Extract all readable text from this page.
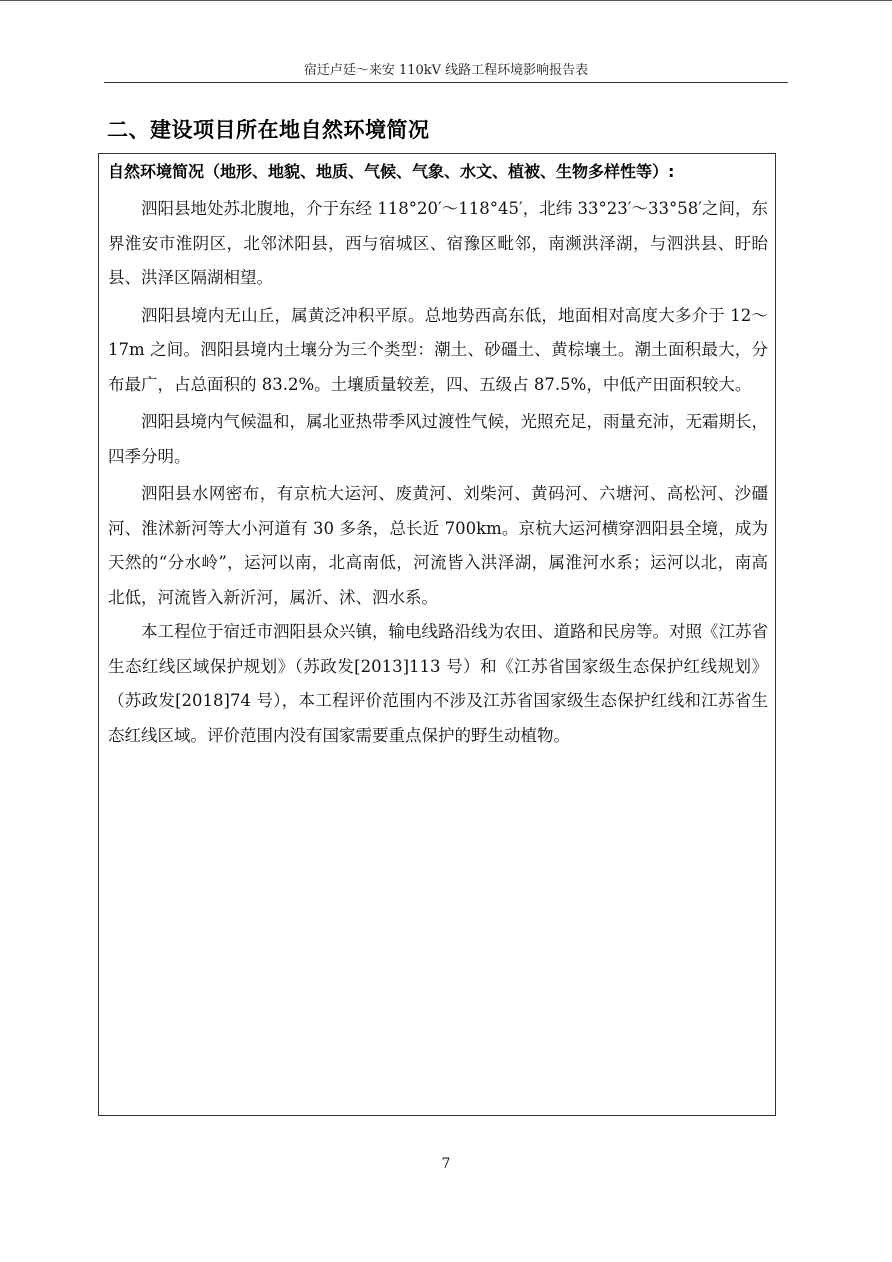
宿迁卢廷～来安 110kV 线路工程环境影响报告表
二、建设项目所在地自然环境简况
自然环境简况（地形、地貌、地质、气候、气象、水文、植被、生物多样性等）:

泗阳县地处苏北腹地，介于东经 118°20′～118°45′，北纬 33°23′～33°58′之间，东界淮安市淮阴区，北邻沭阳县，西与宿城区、宿豫区毗邻，南濒洪泽湖，与泗洪县、盱眙县、洪泽区隔湖相望。

泗阳县境内无山丘，属黄泛冲积平原。总地势西高东低，地面相对高度大多介于 12～17m 之间。泗阳县境内土壤分为三个类型：潮土、砂礓土、黄棕壤土。潮土面积最大，分布最广，占总面积的 83.2%。土壤质量较差，四、五级占 87.5%，中低产田面积较大。

泗阳县境内气候温和，属北亚热带季风过渡性气候，光照充足，雨量充沛，无霜期长，四季分明。

泗阳县水网密布，有京杭大运河、废黄河、刘柴河、黄码河、六塘河、高松河、沙礓河、淮沭新河等大小河道有 30 多条，总长近 700km。京杭大运河横穿泗阳县全境，成为天然的“分水岭”，运河以南，北高南低，河流皆入洪泽湖，属淮河水系；运河以北，南高北低，河流皆入新沂河，属沂、沭、泗水系。

本工程位于宿迁市泗阳县众兴镇，输电线路沿线为农田、道路和民房等。对照《江苏省生态红线区域保护规划》（苏政发[2013]113 号）和《江苏省国家级生态保护红线规划》（苏政发[2018]74 号），本工程评价范围内不涉及江苏省国家级生态保护红线和江苏省生态红线区域。评价范围内没有国家需要重点保护的野生动植物。

7
